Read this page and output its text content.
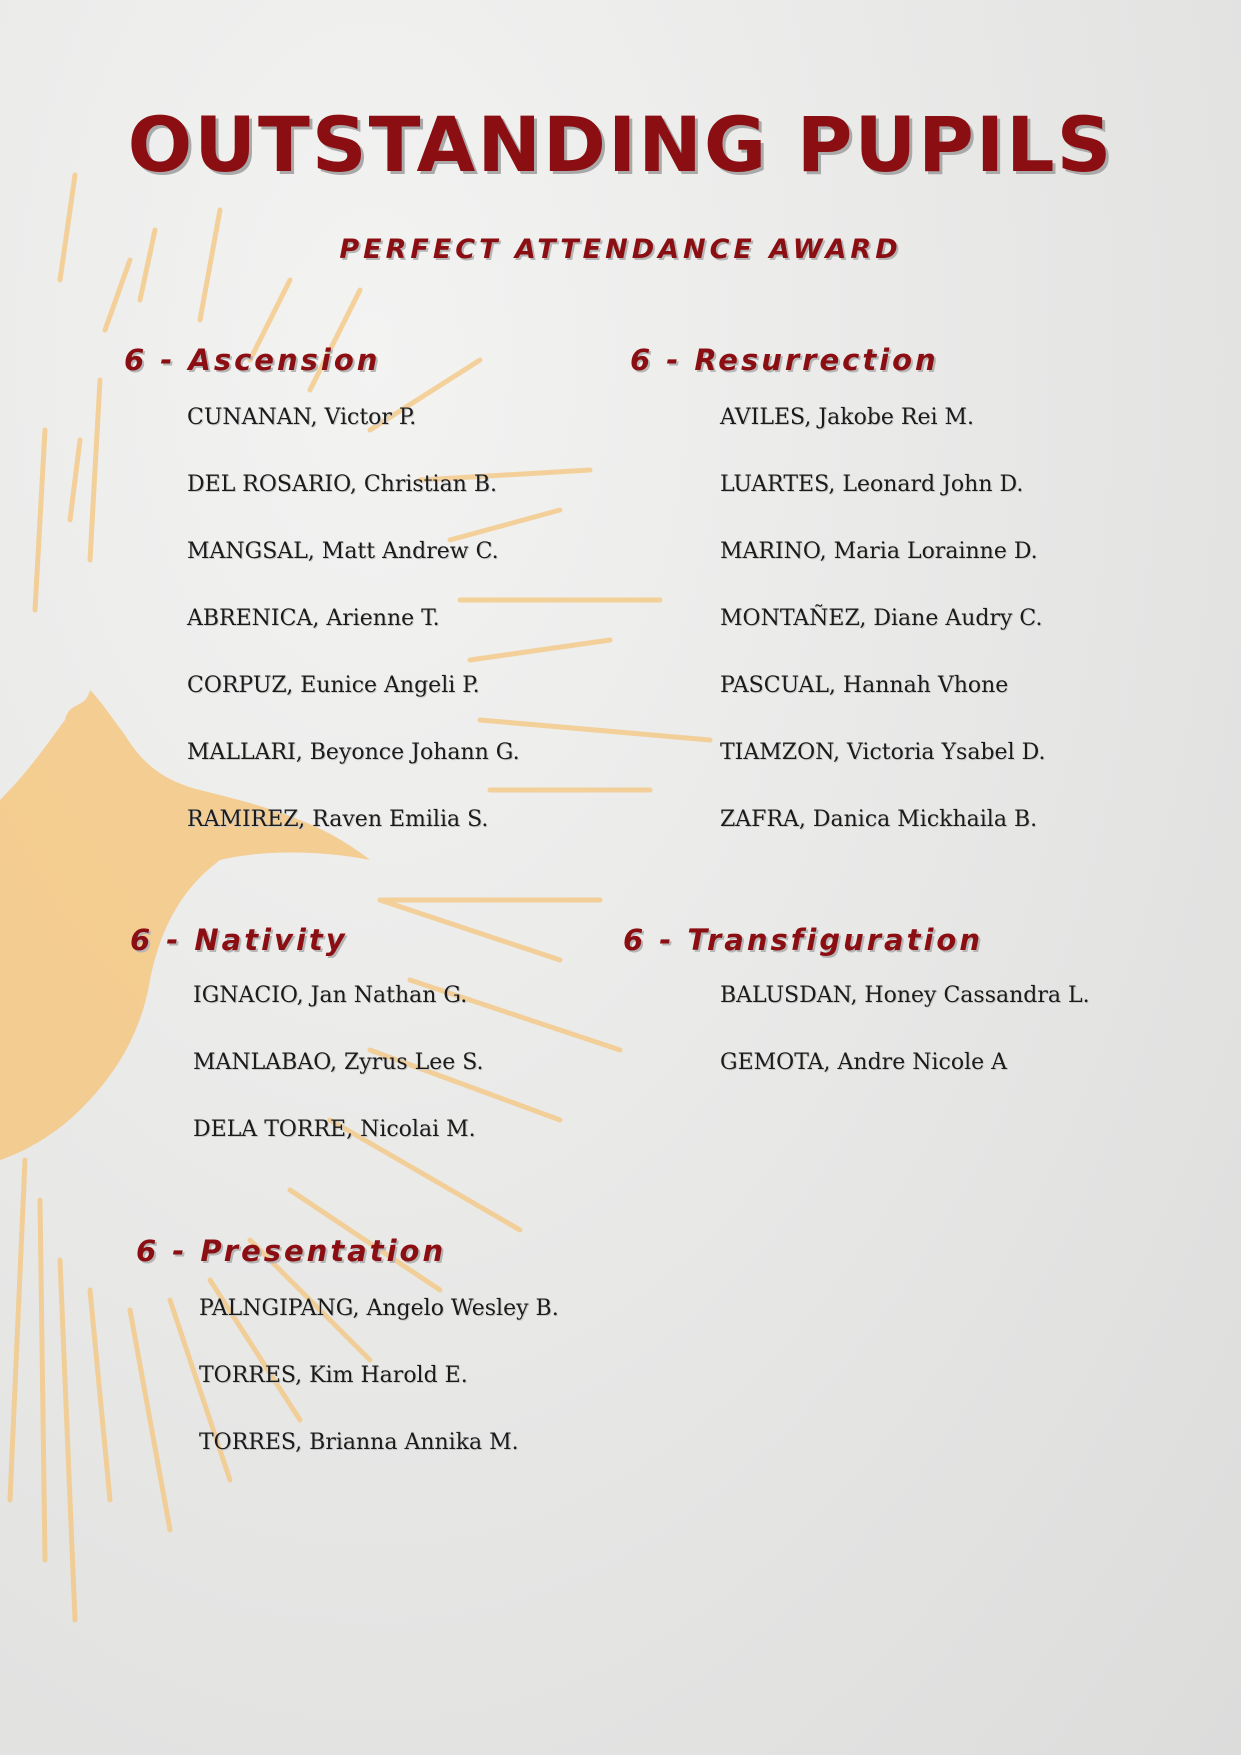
OUTSTANDING PUPILS
PERFECT ATTENDANCE AWARD
6 - Ascension
CUNANAN, Victor P.
DEL ROSARIO, Christian B.
MANGSAL, Matt Andrew C.
ABRENICA, Arienne T.
CORPUZ, Eunice Angeli P.
MALLARI, Beyonce Johann G.
RAMIREZ, Raven Emilia S.
6 - Resurrection
AVILES, Jakobe Rei M.
LUARTES, Leonard John D.
MARINO, Maria Lorainne D.
MONTAÑEZ, Diane Audry C.
PASCUAL, Hannah Vhone
TIAMZON, Victoria Ysabel D.
ZAFRA, Danica Mickhaila B.
6 - Nativity
IGNACIO, Jan Nathan G.
MANLABAO, Zyrus Lee S.
DELA TORRE, Nicolai M.
6 - Transfiguration
BALUSDAN, Honey Cassandra L.
GEMOTA, Andre Nicole A
6 - Presentation
PALNGIPANG, Angelo Wesley B.
TORRES, Kim Harold E.
TORRES, Brianna Annika M.
